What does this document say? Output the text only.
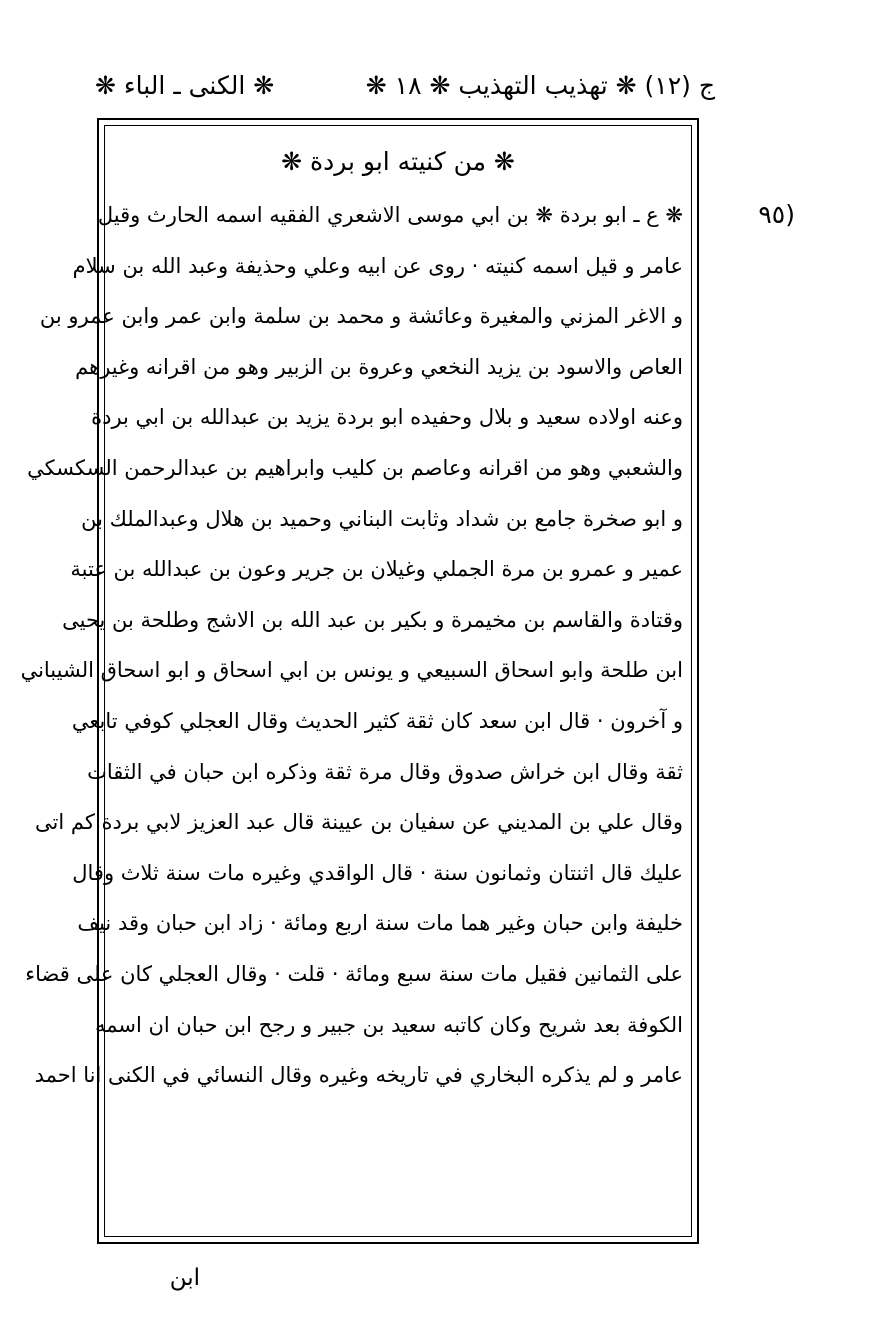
ج (١٢) ❋ تهذيب التهذيب ❋ ١٨ ❋
❋ الكنى ـ الباء ❋
❋ من كنيته ابو بردة ❋
(٩٥
❋ ع ـ ابو بردة ❋ بن ابي موسى الاشعري الفقيه اسمه الحارث وقيل
عامر و قيل اسمه كنيته · روى عن ابيه وعلي وحذيفة وعبد الله بن سلام
و الاغر المزني والمغيرة وعائشة و محمد بن سلمة وابن عمر وابن عمرو بن
العاص والاسود بن يزيد النخعي وعروة بن الزبير وهو من اقرانه وغيرهم
وعنه اولاده سعيد و بلال وحفيده ابو بردة يزيد بن عبدالله بن ابي بردة
والشعبي وهو من اقرانه وعاصم بن كليب وابراهيم بن عبدالرحمن السكسكي
و ابو صخرة جامع بن شداد وثابت البناني وحميد بن هلال وعبدالملك بن
عمير و عمرو بن مرة الجملي وغيلان بن جرير وعون بن عبدالله بن عتبة
وقتادة والقاسم بن مخيمرة و بكير بن عبد الله بن الاشج وطلحة بن يحيى
ابن طلحة وابو اسحاق السبيعي و يونس بن ابي اسحاق و ابو اسحاق الشيباني
و آخرون · قال ابن سعد كان ثقة كثير الحديث وقال العجلي كوفي تابعي
ثقة وقال ابن خراش صدوق وقال مرة ثقة وذكره ابن حبان في الثقات
وقال علي بن المديني عن سفيان بن عيينة قال عبد العزيز لابي بردة كم اتى
عليك قال اثنتان وثمانون سنة · قال الواقدي وغيره مات سنة ثلاث وقال
خليفة وابن حبان وغير هما مات سنة اربع ومائة · زاد ابن حبان وقد نيف
على الثمانين فقيل مات سنة سبع ومائة · قلت · وقال العجلي كان على قضاء
الكوفة بعد شريح وكان كاتبه سعيد بن جبير و رجح ابن حبان ان اسمه
عامر و لم يذكره البخاري في تاريخه وغيره وقال النسائي في الكنى انا احمد
ابن
